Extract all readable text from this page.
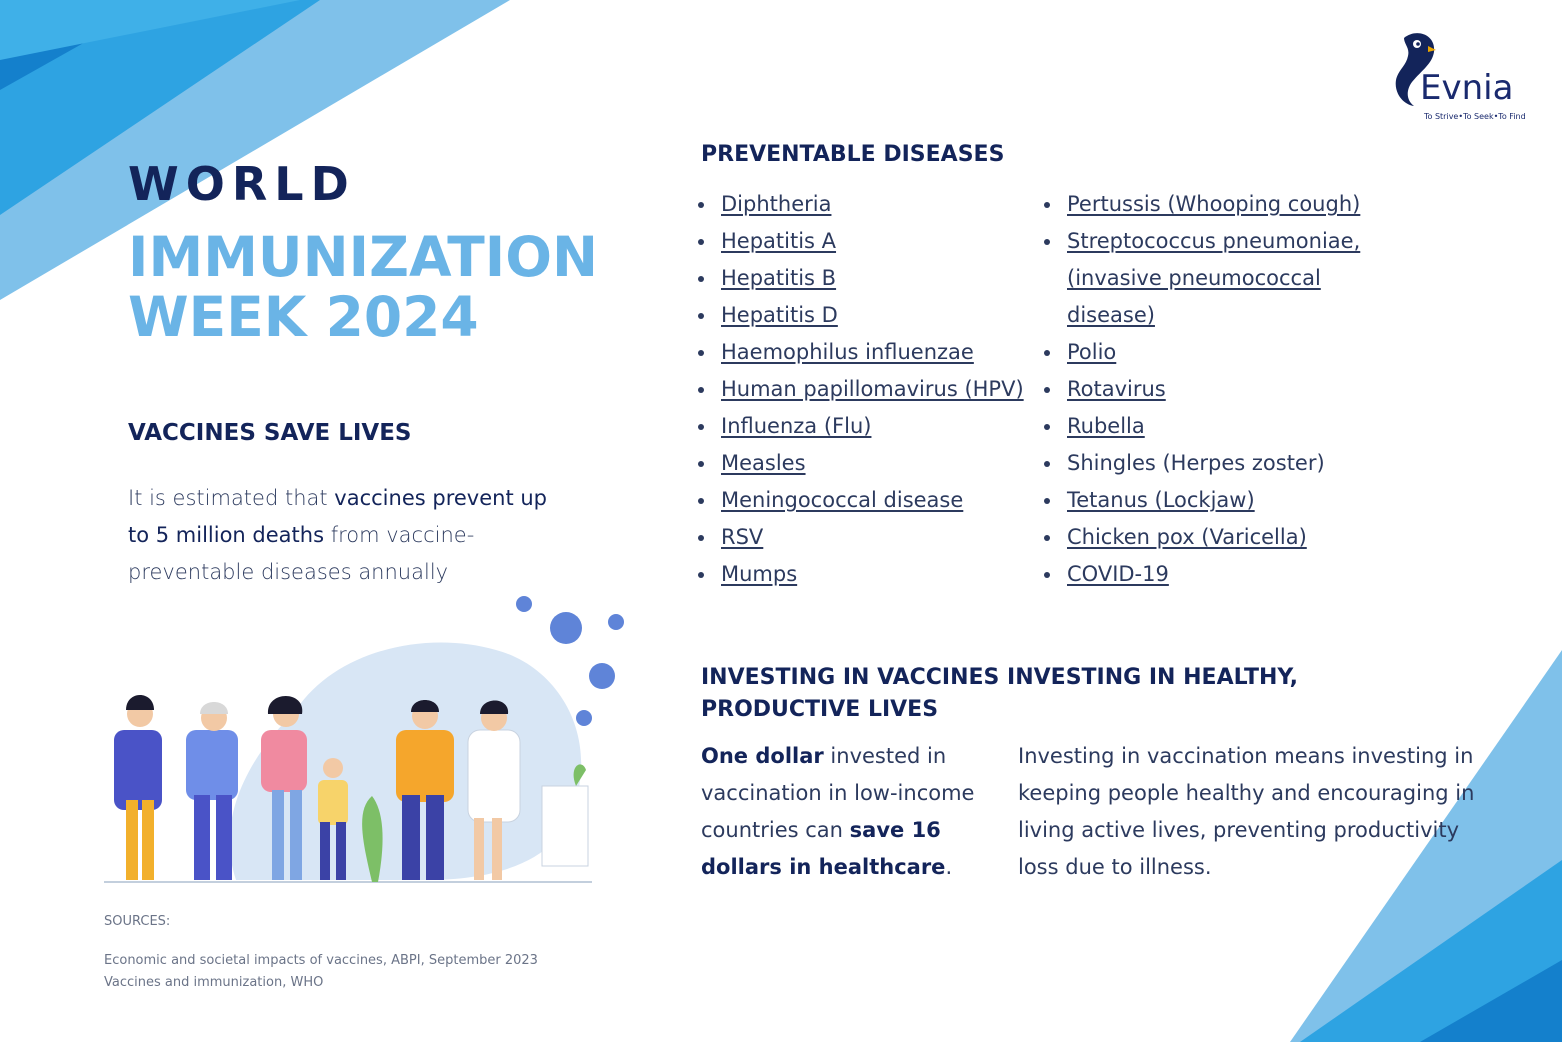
Evnia

To Strive•To Seek•To Find

WORLD
IMMUNIZATION
WEEK 2024
VACCINES SAVE LIVES

It is estimated that vaccines prevent up to 5 million deaths from vaccine-preventable diseases annually

PREVENTABLE DISEASES
• Diphtheria
• Hepatitis A
• Hepatitis B
• Hepatitis D
• Haemophilus influenzae
• Human papillomavirus (HPV)
• Influenza (Flu)
• Measles
• Meningococcal disease
• RSV
• Mumps
• Pertussis (Whooping cough)
• Streptococcus pneumoniae, (invasive pneumococcal disease)
• Polio
• Rotavirus
• Rubella
• Shingles (Herpes zoster)
• Tetanus (Lockjaw)
• Chicken pox (Varicella)
• COVID-19
INVESTING IN VACCINES INVESTING IN HEALTHY, PRODUCTIVE LIVES

One dollar invested in vaccination in low-income countries can save 16 dollars in healthcare.

Investing in vaccination means investing in keeping people healthy and encouraging in living active lives, preventing productivity loss due to illness.

SOURCES:

Economic and societal impacts of vaccines, ABPI, September 2023

Vaccines and immunization, WHO
